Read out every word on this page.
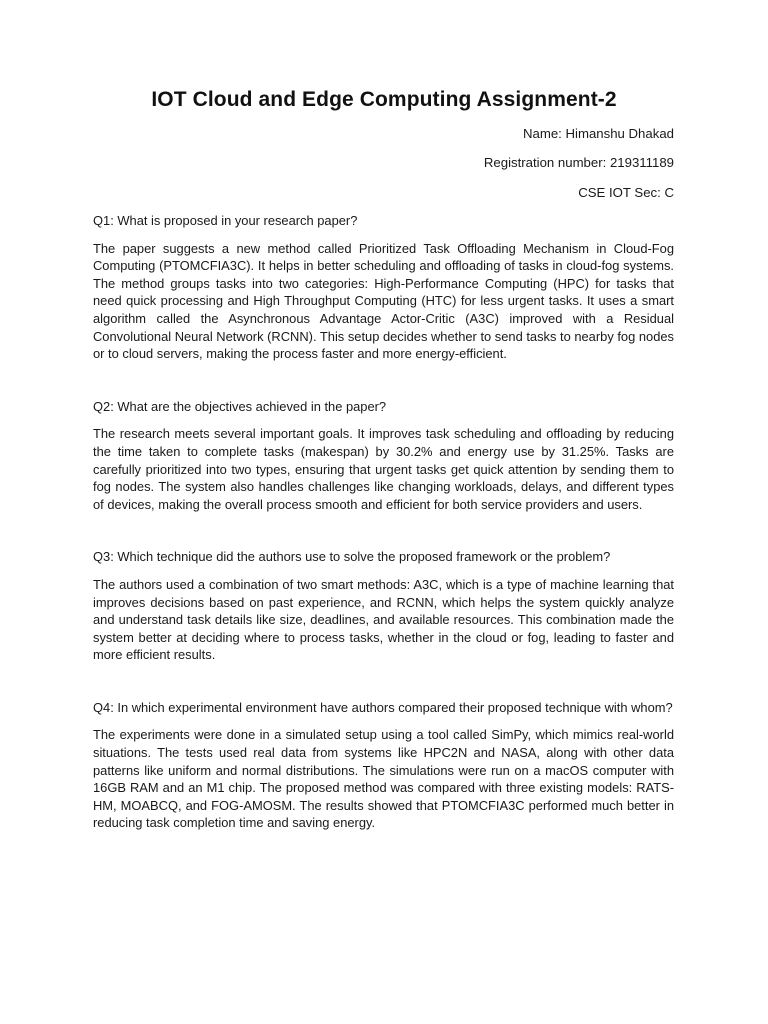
IOT Cloud and Edge Computing Assignment-2
Name: Himanshu Dhakad
Registration number: 219311189
CSE IOT Sec: C

Q1: What is proposed in your research paper?

The paper suggests a new method called Prioritized Task Offloading Mechanism in Cloud-Fog Computing (PTOMCFIA3C). It helps in better scheduling and offloading of tasks in cloud-fog systems. The method groups tasks into two categories: High-Performance Computing (HPC) for tasks that need quick processing and High Throughput Computing (HTC) for less urgent tasks. It uses a smart algorithm called the Asynchronous Advantage Actor-Critic (A3C) improved with a Residual Convolutional Neural Network (RCNN). This setup decides whether to send tasks to nearby fog nodes or to cloud servers, making the process faster and more energy-efficient.

Q2: What are the objectives achieved in the paper?

The research meets several important goals. It improves task scheduling and offloading by reducing the time taken to complete tasks (makespan) by 30.2% and energy use by 31.25%. Tasks are carefully prioritized into two types, ensuring that urgent tasks get quick attention by sending them to fog nodes. The system also handles challenges like changing workloads, delays, and different types of devices, making the overall process smooth and efficient for both service providers and users.

Q3: Which technique did the authors use to solve the proposed framework or the problem?

The authors used a combination of two smart methods: A3C, which is a type of machine learning that improves decisions based on past experience, and RCNN, which helps the system quickly analyze and understand task details like size, deadlines, and available resources. This combination made the system better at deciding where to process tasks, whether in the cloud or fog, leading to faster and more efficient results.

Q4: In which experimental environment have authors compared their proposed technique with whom?

The experiments were done in a simulated setup using a tool called SimPy, which mimics real-world situations. The tests used real data from systems like HPC2N and NASA, along with other data patterns like uniform and normal distributions. The simulations were run on a macOS computer with 16GB RAM and an M1 chip. The proposed method was compared with three existing models: RATS-HM, MOABCQ, and FOG-AMOSM. The results showed that PTOMCFIA3C performed much better in reducing task completion time and saving energy.
